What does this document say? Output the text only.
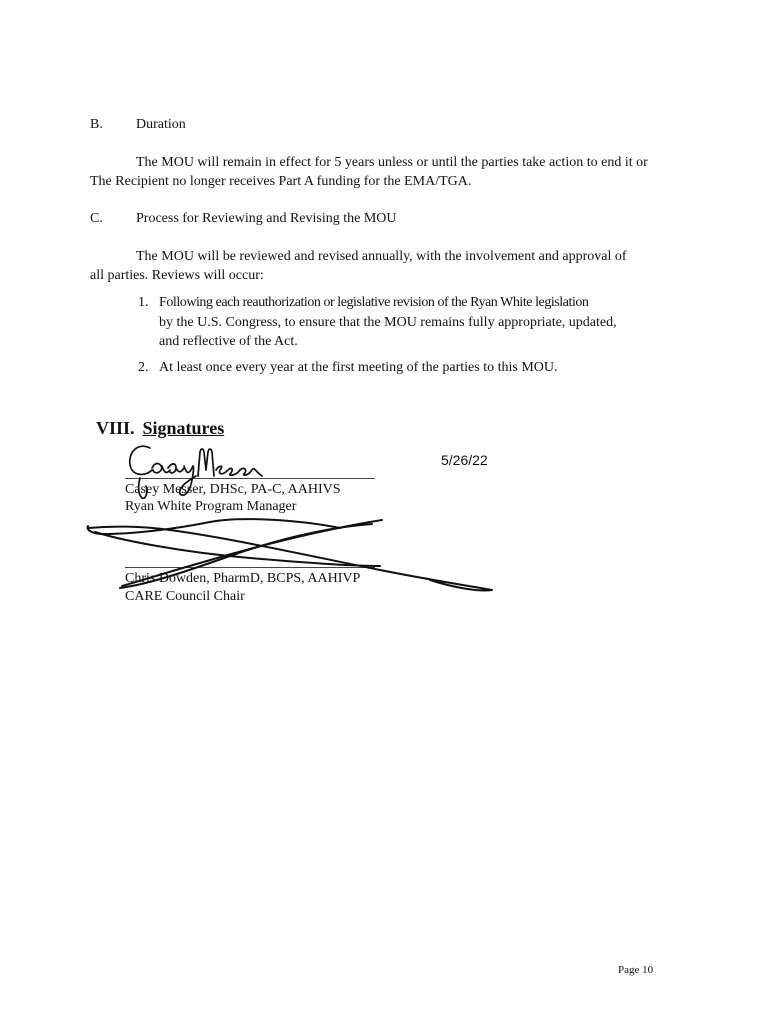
B. Duration
The MOU will remain in effect for 5 years unless or until the parties take action to end it or
The Recipient no longer receives Part A funding for the EMA/TGA.
C. Process for Reviewing and Revising the MOU
The MOU will be reviewed and revised annually, with the involvement and approval of
all parties. Reviews will occur:
1. Following each reauthorization or legislative revision of the Ryan White legislation
by the U.S. Congress, to ensure that the MOU remains fully appropriate, updated,
and reflective of the Act.
2. At least once every year at the first meeting of the parties to this MOU.
VIII. Signatures
5/26/22
Casey Messer, DHSc, PA-C, AAHIVS
Ryan White Program Manager
Chris Dowden, PharmD, BCPS, AAHIVP
CARE Council Chair
Page 10
